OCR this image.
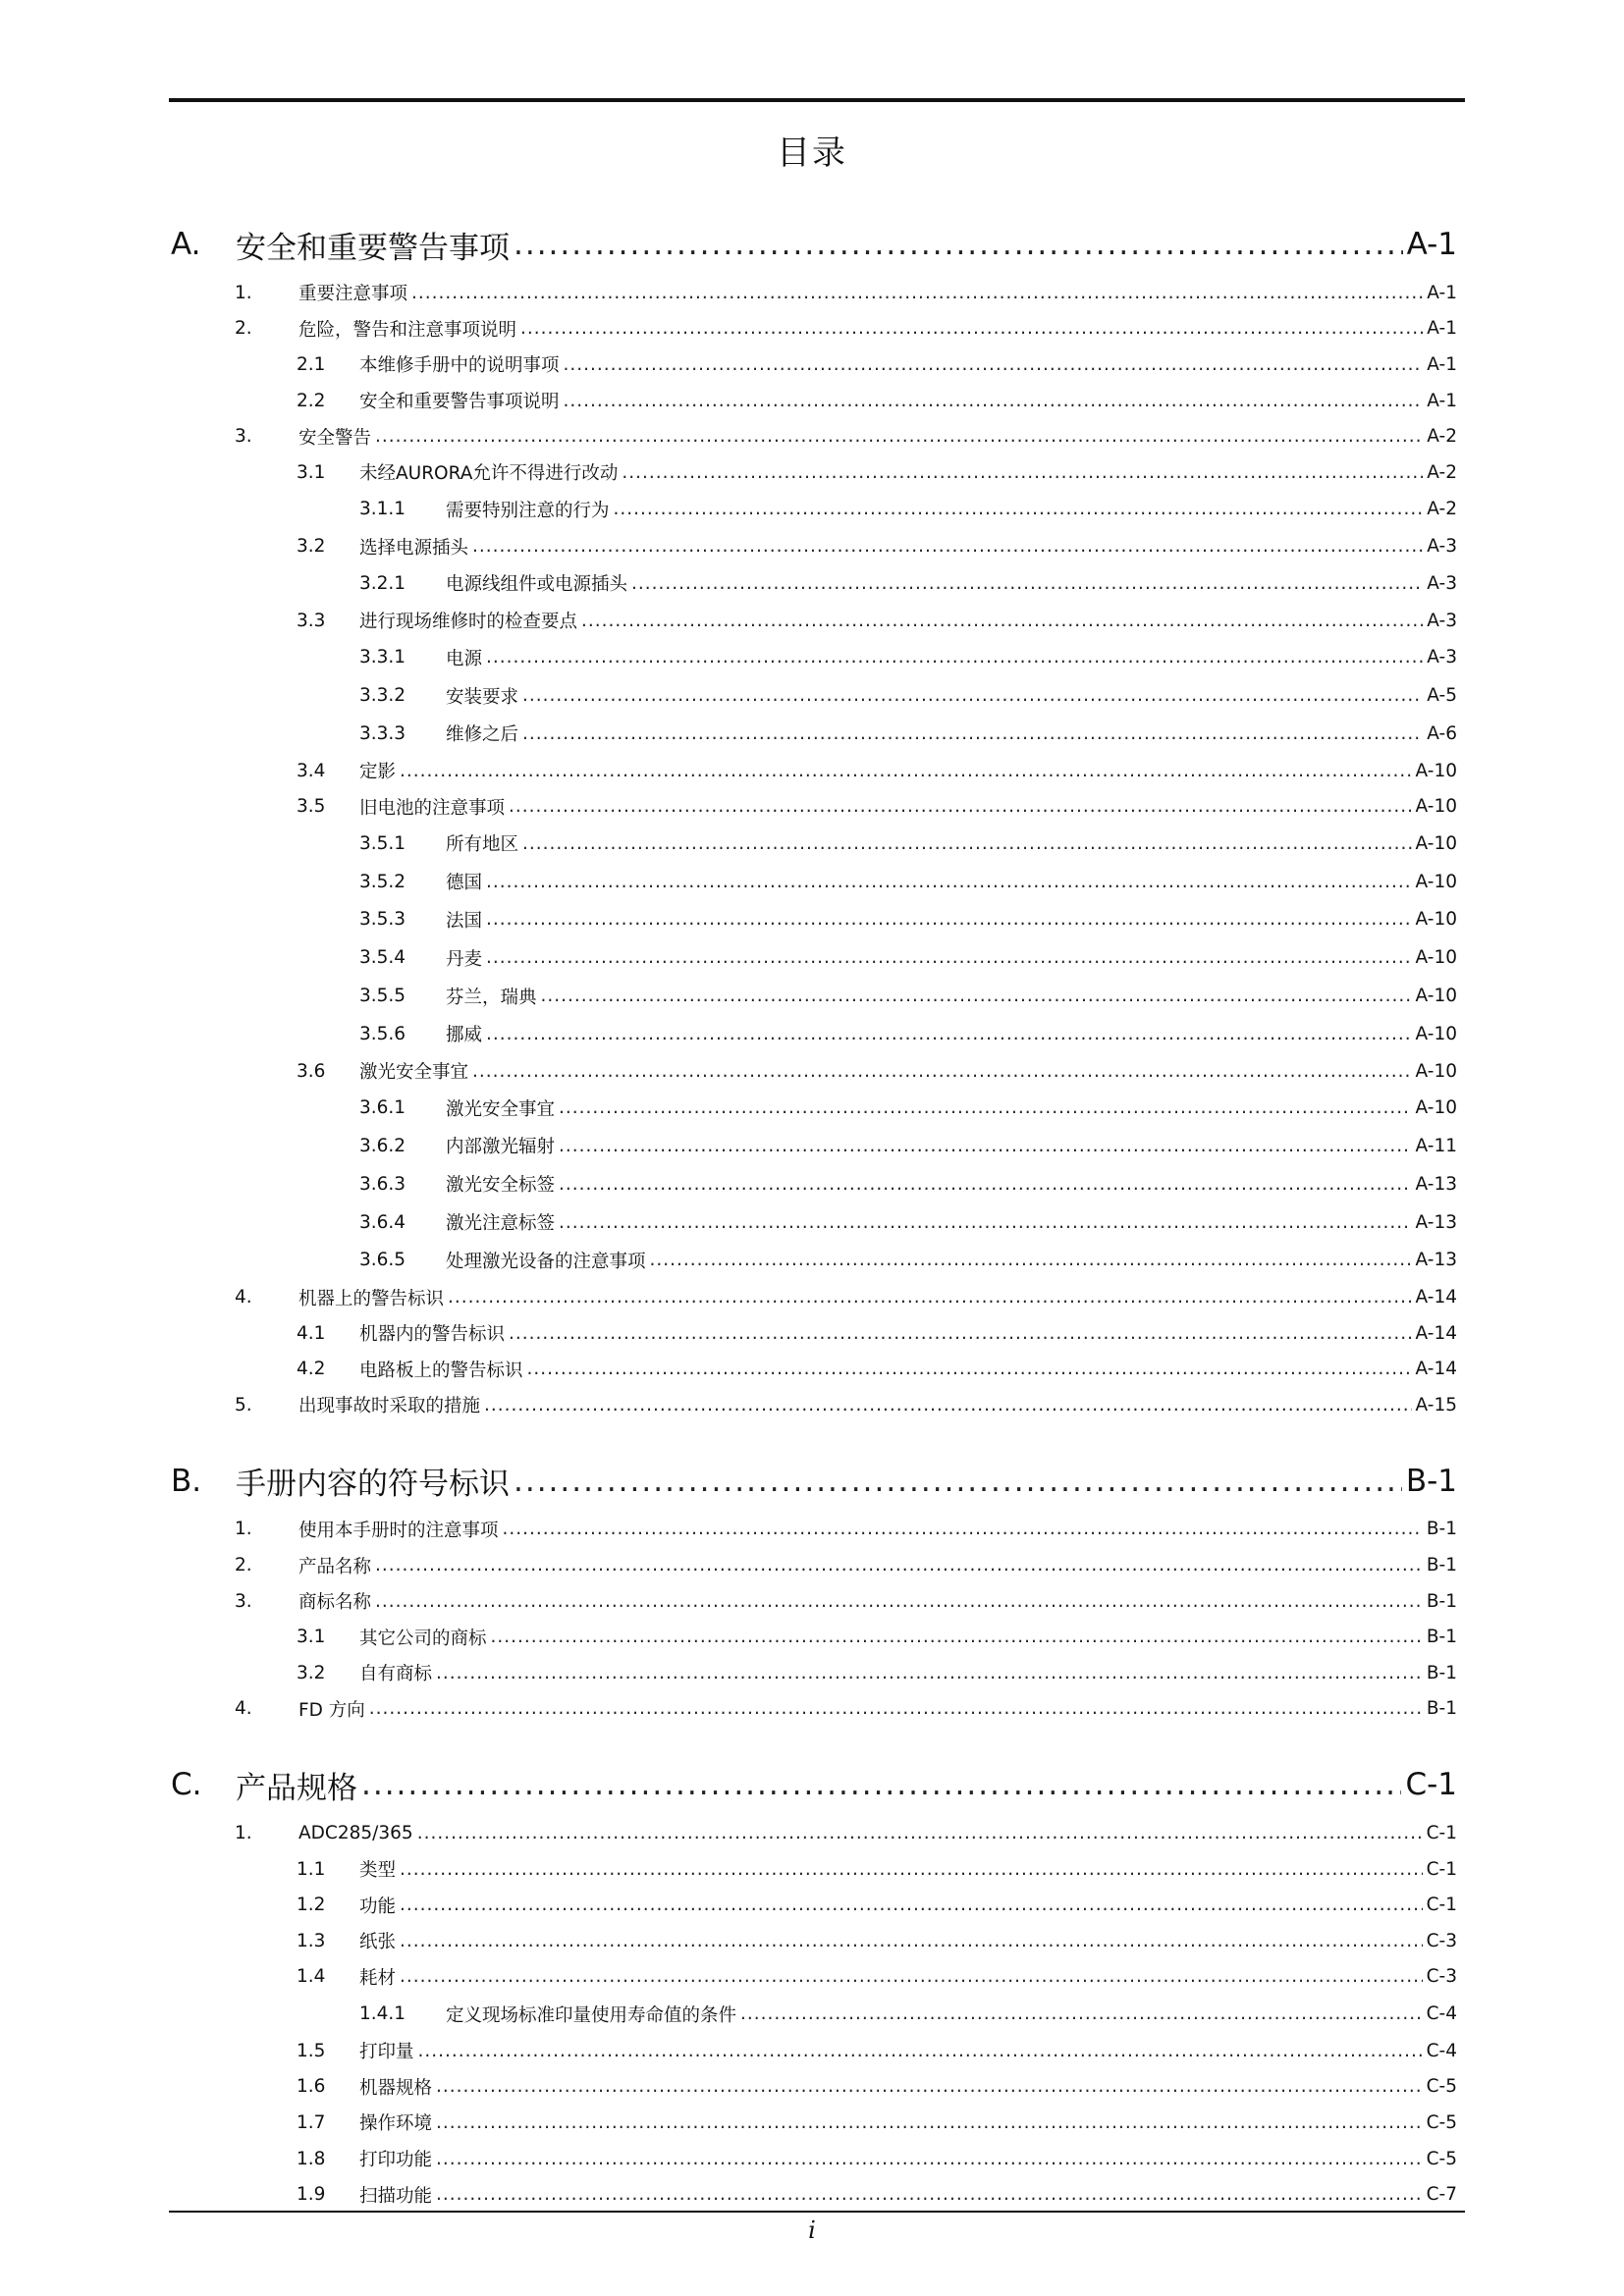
目录
A.	安全和重要警告事项 .....	A-1
1.	重要注意事项 .....	A-1
2.	危险，警告和注意事项说明 .....	A-1
2.1	本维修手册中的说明事项 .....	A-1
2.2	安全和重要警告事项说明 .....	A-1
3.	安全警告 .....	A-2
3.1	未经AURORA允许不得进行改动 .....	A-2
3.1.1	需要特别注意的行为 .....	A-2
3.2	选择电源插头 .....	A-3
3.2.1	电源线组件或电源插头 .....	A-3
3.3	进行现场维修时的检查要点 .....	A-3
3.3.1	电源 .....	A-3
3.3.2	安装要求 .....	A-5
3.3.3	维修之后 .....	A-6
3.4	定影 .....	A-10
3.5	旧电池的注意事项 .....	A-10
3.5.1	所有地区 .....	A-10
3.5.2	德国 .....	A-10
3.5.3	法国 .....	A-10
3.5.4	丹麦 .....	A-10
3.5.5	芬兰，瑞典 .....	A-10
3.5.6	挪威 .....	A-10
3.6	激光安全事宜 .....	A-10
3.6.1	激光安全事宜 .....	A-10
3.6.2	内部激光辐射 .....	A-11
3.6.3	激光安全标签 .....	A-13
3.6.4	激光注意标签 .....	A-13
3.6.5	处理激光设备的注意事项 .....	A-13
4.	机器上的警告标识 .....	A-14
4.1	机器内的警告标识 .....	A-14
4.2	电路板上的警告标识 .....	A-14
5.	出现事故时采取的措施 .....	A-15
B.	手册内容的符号标识 .....	B-1
1.	使用本手册时的注意事项 .....	B-1
2.	产品名称 .....	B-1
3.	商标名称 .....	B-1
3.1	其它公司的商标 .....	B-1
3.2	自有商标 .....	B-1
4.	FD 方向 .....	B-1
C.	产品规格 .....	C-1
1.	ADC285/365 .....	C-1
1.1	类型 .....	C-1
1.2	功能 .....	C-1
1.3	纸张 .....	C-3
1.4	耗材 .....	C-3
1.4.1	定义现场标准印量使用寿命值的条件 .....	C-4
1.5	打印量 .....	C-4
1.6	机器规格 .....	C-5
1.7	操作环境 .....	C-5
1.8	打印功能 .....	C-5
1.9	扫描功能 .....	C-7
i
